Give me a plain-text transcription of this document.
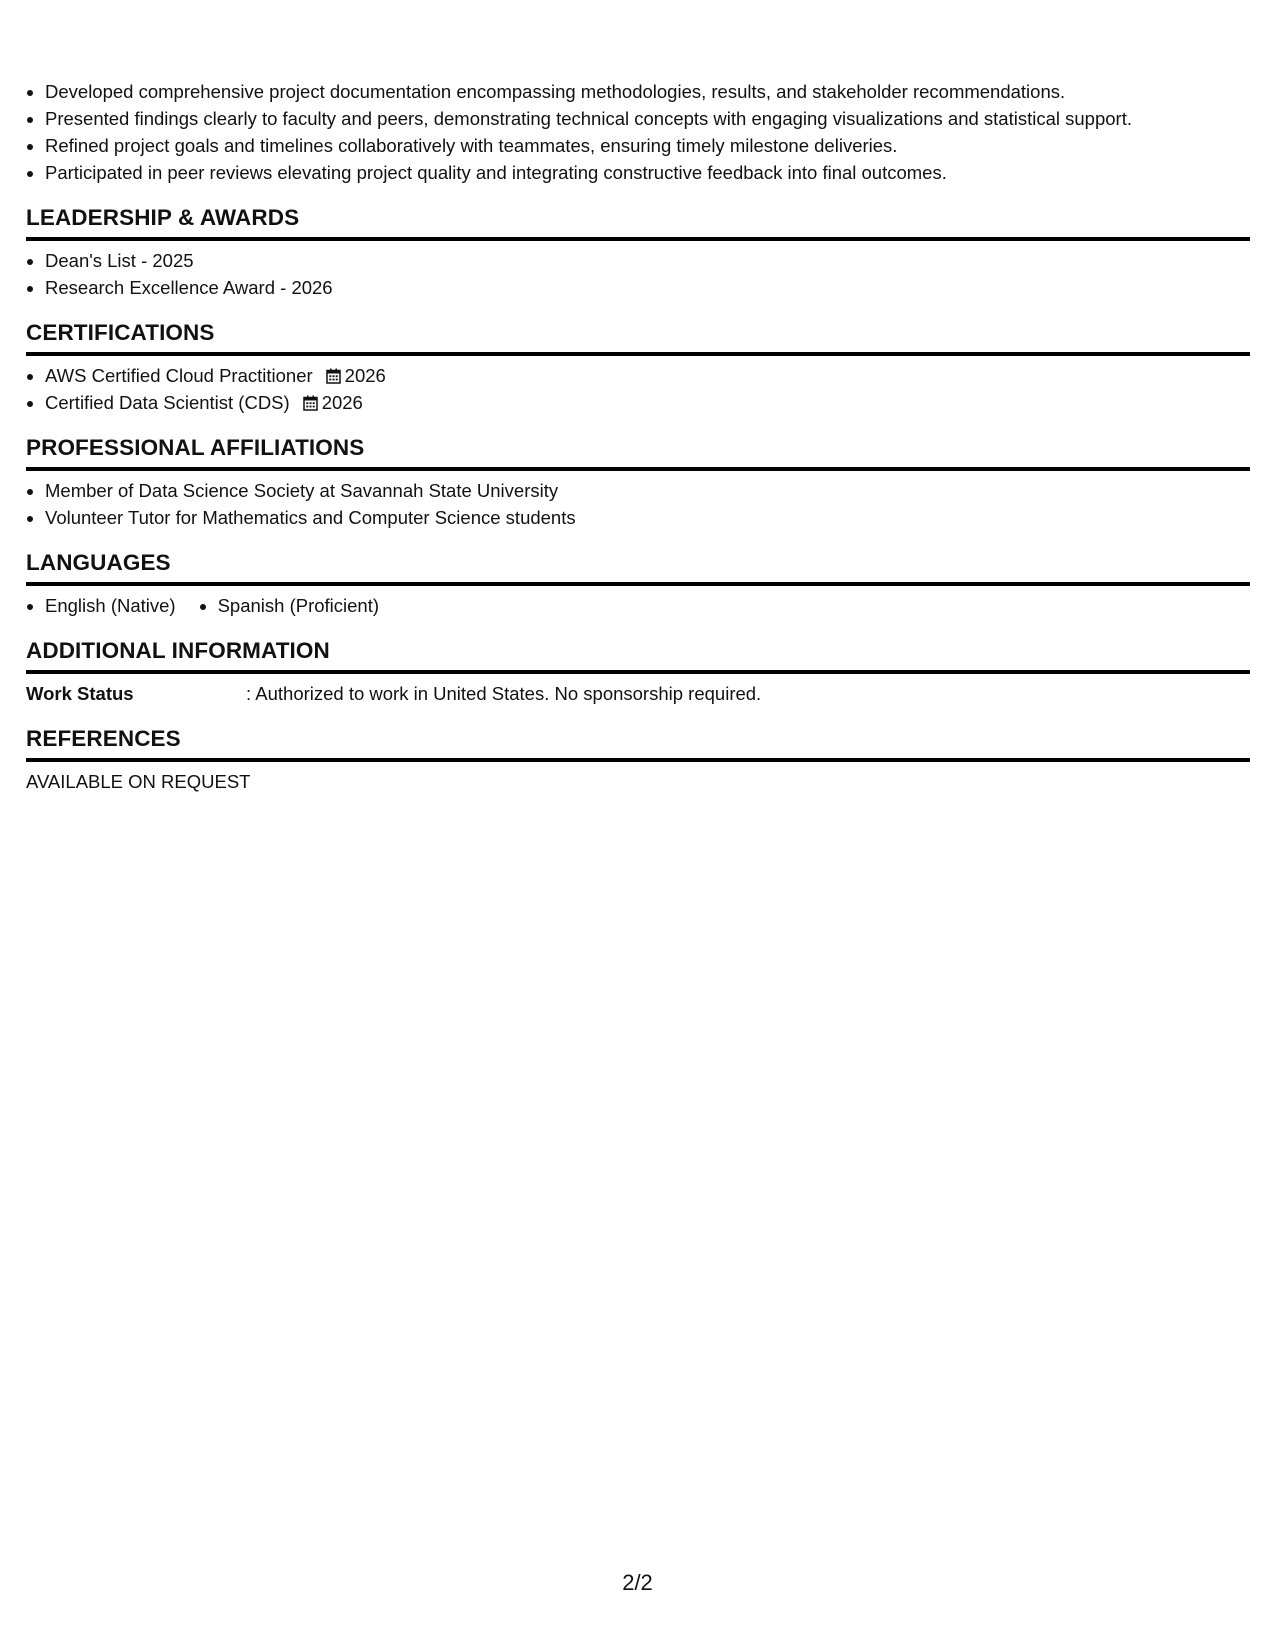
• Developed comprehensive project documentation encompassing methodologies, results, and stakeholder recommendations.
• Presented findings clearly to faculty and peers, demonstrating technical concepts with engaging visualizations and statistical support.
• Refined project goals and timelines collaboratively with teammates, ensuring timely milestone deliveries.
• Participated in peer reviews elevating project quality and integrating constructive feedback into final outcomes.
LEADERSHIP & AWARDS
• Dean's List - 2025
• Research Excellence Award - 2026
CERTIFICATIONS
• AWS Certified Cloud Practitioner 2026
• Certified Data Scientist (CDS) 2026
PROFESSIONAL AFFILIATIONS
• Member of Data Science Society at Savannah State University
• Volunteer Tutor for Mathematics and Computer Science students
LANGUAGES
• English (Native)
• Spanish (Proficient)
ADDITIONAL INFORMATION
Work Status	: Authorized to work in United States. No sponsorship required.
REFERENCES
AVAILABLE ON REQUEST
2/2
